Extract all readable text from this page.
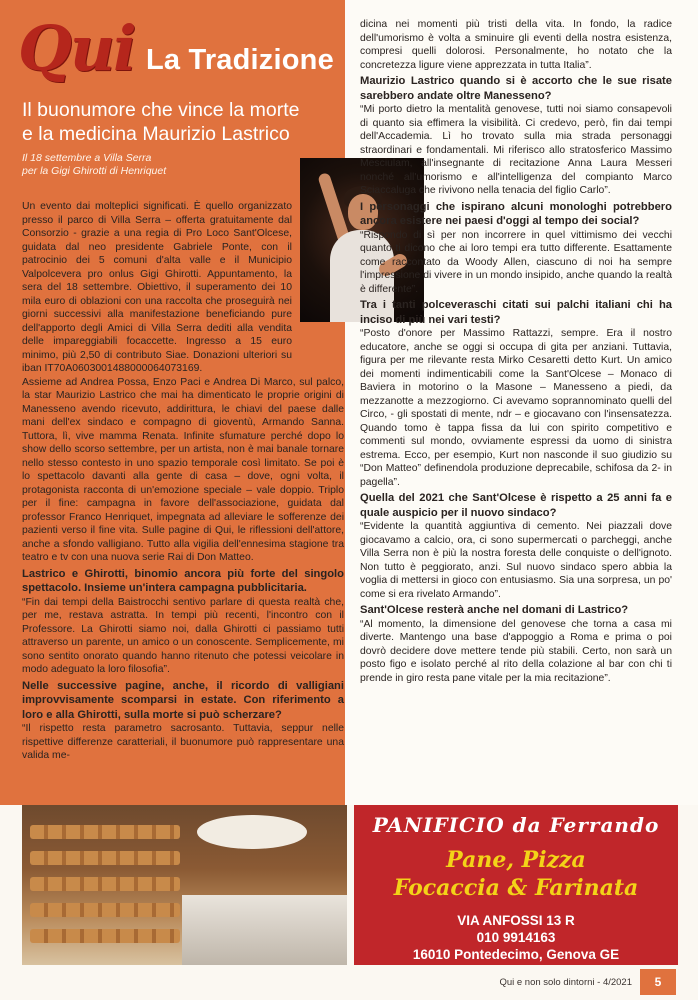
Qui La Tradizione
Il buonumore che vince la morte
e la medicina Maurizio Lastrico
Il 18 settembre a Villa Serra
per la Gigi Ghirotti di Henriquet

Un evento dai molteplici significati. È quello organizzato presso il parco di Villa Serra – offerta gratuitamente dal Consorzio - grazie a una regia di Pro Loco Sant'Olcese, guidata dal neo presidente Gabriele Ponte, con il patrocinio dei 5 comuni d'alta valle e il Municipio Valpolcevera pro onlus Gigi Ghirotti. Appuntamento, la sera del 18 settembre. Obiettivo, il superamento dei 10 mila euro di oblazioni con una raccolta che proseguirà nei giorni successivi alla manifestazione beneficiando pure dell'apporto degli Amici di Villa Serra dediti alla vendita delle impareggiabili focaccette. Ingresso a 15 euro minimo, più 2,50 di contributo Siae. Donazioni ulteriori su iban IT70A0603001488000064073169.

Assieme ad Andrea Possa, Enzo Paci e Andrea Di Marco, sul palco, la star Maurizio Lastrico che mai ha dimenticato le proprie origini di Manesseno avendo ricevuto, addirittura, le chiavi del paese dalle mani dell'ex sindaco e compagno di gioventù, Armando Sanna. Tuttora, lì, vive mamma Renata. Infinite sfumature perché dopo lo show dello scorso settembre, per un artista, non è mai banale tornare nello stesso contesto in uno spazio temporale così limitato. Se poi è lo spettacolo davanti alla gente di casa – dove, ogni volta, il protagonista racconta di un'emozione speciale – vale doppio. Triplo per il fine: campagna in favore dell'associazione, guidata dal professor Franco Henriquet, impegnata ad alleviare le sofferenze dei pazienti verso il fine vita. Sulle pagine di Qui, le riflessioni dell'attore, anche a sfondo valligiano. Tutto alla vigilia dell'ennesima stagione tra teatro e tv con una nuova serie Rai di Don Matteo.

Lastrico e Ghirotti, binomio ancora più forte del singolo spettacolo. Insieme un'intera campagna pubblicitaria.

“Fin dai tempi della Baistrocchi sentivo parlare di questa realtà che, per me, restava astratta. In tempi più recenti, l'incontro con il Professore. La Ghirotti siamo noi, dalla Ghirotti ci passiamo tutti attraverso un parente, un amico o un conoscente. Semplicemente, mi sono sentito onorato quando hanno ritenuto che potessi veicolare in modo adeguato la loro filosofia”.

Nelle successive pagine, anche, il ricordo di valligiani improvvisamente scomparsi in estate. Con riferimento a loro e alla Ghirotti, sulla morte si può scherzare?

“Il rispetto resta parametro sacrosanto. Tuttavia, seppur nelle rispettive differenze caratteriali, il buonumore può rappresentare una valida me-

dicina nei momenti più tristi della vita. In fondo, la radice dell'umorismo è volta a sminuire gli eventi della nostra esistenza, compresi quelli dolorosi. Personalmente, ho notato che la concretezza ligure viene apprezzata in tutta Italia”.

Maurizio Lastrico quando si è accorto che le sue risate sarebbero andate oltre Manesseno?

“Mi porto dietro la mentalità genovese, tutti noi siamo consapevoli di quanto sia effimera la visibilità. Ci credevo, però, fin dai tempi dell'Accademia. Lì ho trovato sulla mia strada personaggi straordinari e fondamentali. Mi riferisco allo stratosferico Massimo Mesciulam, all'insegnante di recitazione Anna Laura Messeri nonché all'umorismo e all'intelligenza del compianto Marco Sciaccaluga che rivivono nella tenacia del figlio Carlo”.

I personaggi che ispirano alcuni monologhi potrebbero ancora esistere nei paesi d'oggi al tempo dei social?

“Rispondo di sì per non incorrere in quel vittimismo dei vecchi quanto ti dicono che ai loro tempi era tutto differente. Esattamente come raccontato da Woody Allen, ciascuno di noi ha sempre l'impressione di vivere in un mondo insipido, anche quando la realtà è differente”.

Tra i tanti polceveraschi citati sui palchi italiani chi ha inciso di più nei vari testi?

“Posto d'onore per Massimo Rattazzi, sempre. Era il nostro educatore, anche se oggi si occupa di gita per anziani. Tuttavia, figura per me rilevante resta Mirko Cesaretti detto Kurt. Un amico dei momenti indimenticabili come la Sant'Olcese – Monaco di Baviera in motorino o la Masone – Manesseno a piedi, da mezzanotte a mezzogiorno. Ci avevamo soprannominato quelli del Circo, - gli spostati di mente, ndr – e giocavano con l'insensatezza. Quando tomo è tappa fissa da lui con spirito competitivo e commenti sul mondo, ovviamente espressi da uomo di sinistra estrema. Ecco, per esempio, Kurt non nasconde il suo giudizio su “Don Matteo” definendola produzione deprecabile, schifosa da 2- in pagella”.

Quella del 2021 che Sant'Olcese è rispetto a 25 anni fa e quale auspicio per il nuovo sindaco?

“Evidente la quantità aggiuntiva di cemento. Nei piazzali dove giocavamo a calcio, ora, ci sono supermercati o parcheggi, anche Villa Serra non è più la nostra foresta delle conquiste o dell'ignoto. Non tutto è peggiorato, anzi. Sul nuovo sindaco spero abbia la voglia di mettersi in gioco con entusiasmo. Sia una sorpresa, un po' come si era rivelato Armando”.

Sant'Olcese resterà anche nel domani di Lastrico?

“Al momento, la dimensione del genovese che torna a casa mi diverte. Mantengo una base d'appoggio a Roma e prima o poi dovrò decidere dove mettere tende più stabili. Certo, non sarà un posto figo e isolato perché al rito della colazione al bar con chi ti prende in giro resta pane vitale per la mia recitazione”.

PANIFICIO da Ferrando
Pane, Pizza
Focaccia & Farinata
VIA ANFOSSI 13 R
010 9914163
16010 Pontedecimo, Genova GE
Qui e non solo dintorni - 4/2021	5
